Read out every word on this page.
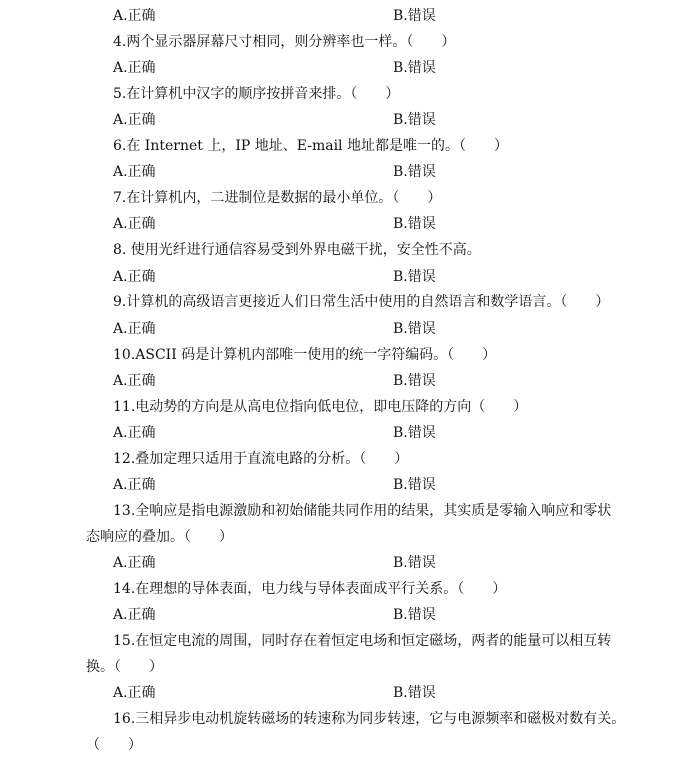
A.正确	B.错误
4.两个显示器屏幕尺寸相同，则分辨率也一样。（　　）
A.正确	B.错误
5.在计算机中汉字的顺序按拼音来排。（　　）
A.正确	B.错误
6.在 Internet 上，IP 地址、E-mail 地址都是唯一的。（　　）
A.正确	B.错误
7.在计算机内，二进制位是数据的最小单位。（　　）
A.正确	B.错误
8. 使用光纤进行通信容易受到外界电磁干扰，安全性不高。
A.正确	B.错误
9.计算机的高级语言更接近人们日常生活中使用的自然语言和数学语言。（　　）
A.正确	B.错误
10.ASCII 码是计算机内部唯一使用的统一字符编码。（　　）
A.正确	B.错误
11.电动势的方向是从高电位指向低电位，即电压降的方向（　　）
A.正确	B.错误
12.叠加定理只适用于直流电路的分析。（　　）
A.正确	B.错误
13.全响应是指电源激励和初始储能共同作用的结果，其实质是零输入响应和零状
态响应的叠加。（　　）
A.正确	B.错误
14.在理想的导体表面，电力线与导体表面成平行关系。（　　）
A.正确	B.错误
15.在恒定电流的周围，同时存在着恒定电场和恒定磁场，两者的能量可以相互转
换。（　　）
A.正确	B.错误
16.三相异步电动机旋转磁场的转速称为同步转速，它与电源频率和磁极对数有关。
（　　）
